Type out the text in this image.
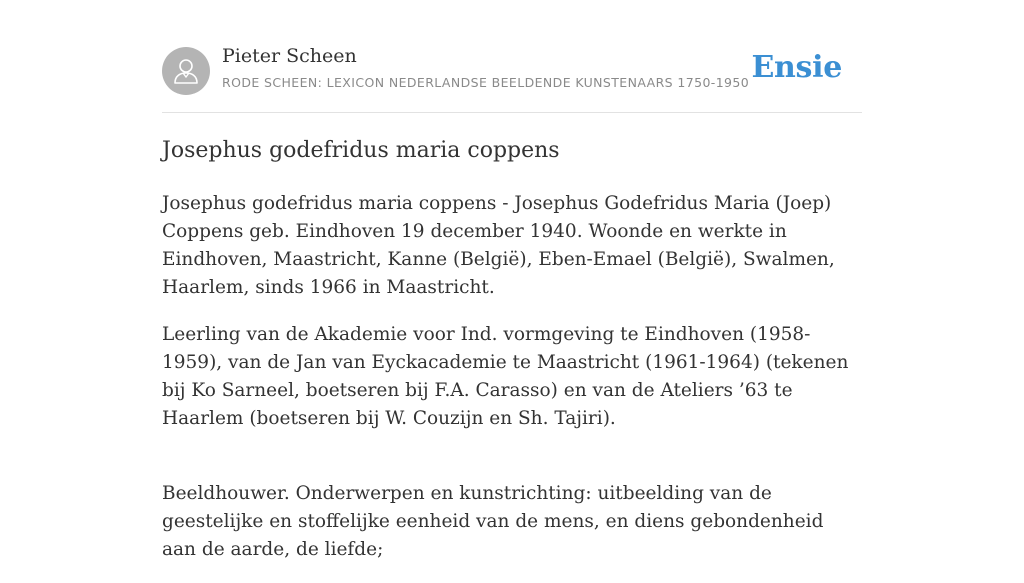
Pieter Scheen
RODE SCHEEN: LEXICON NEDERLANDSE BEELDENDE KUNSTENAARS 1750-1950 Ensie
Josephus godefridus maria coppens

Josephus godefridus maria coppens - Josephus Godefridus Maria (Joep) Coppens geb. Eindhoven 19 december 1940. Woonde en werkte in Eindhoven, Maastricht, Kanne (België), Eben-Emael (België), Swalmen, Haarlem, sinds 1966 in Maastricht.

Leerling van de Akademie voor Ind. vormgeving te Eindhoven (1958-1959), van de Jan van Eyckacademie te Maastricht (1961-1964) (tekenen bij Ko Sarneel, boetseren bij F.A. Carasso) en van de Ateliers ’63 te Haarlem (boetseren bij W. Couzijn en Sh. Tajiri).

Beeldhouwer. Onderwerpen en kunstrichting: uitbeelding van de geestelijke en stoffelijke eenheid van de mens, en diens gebondenheid aan de aarde, de liefde;
